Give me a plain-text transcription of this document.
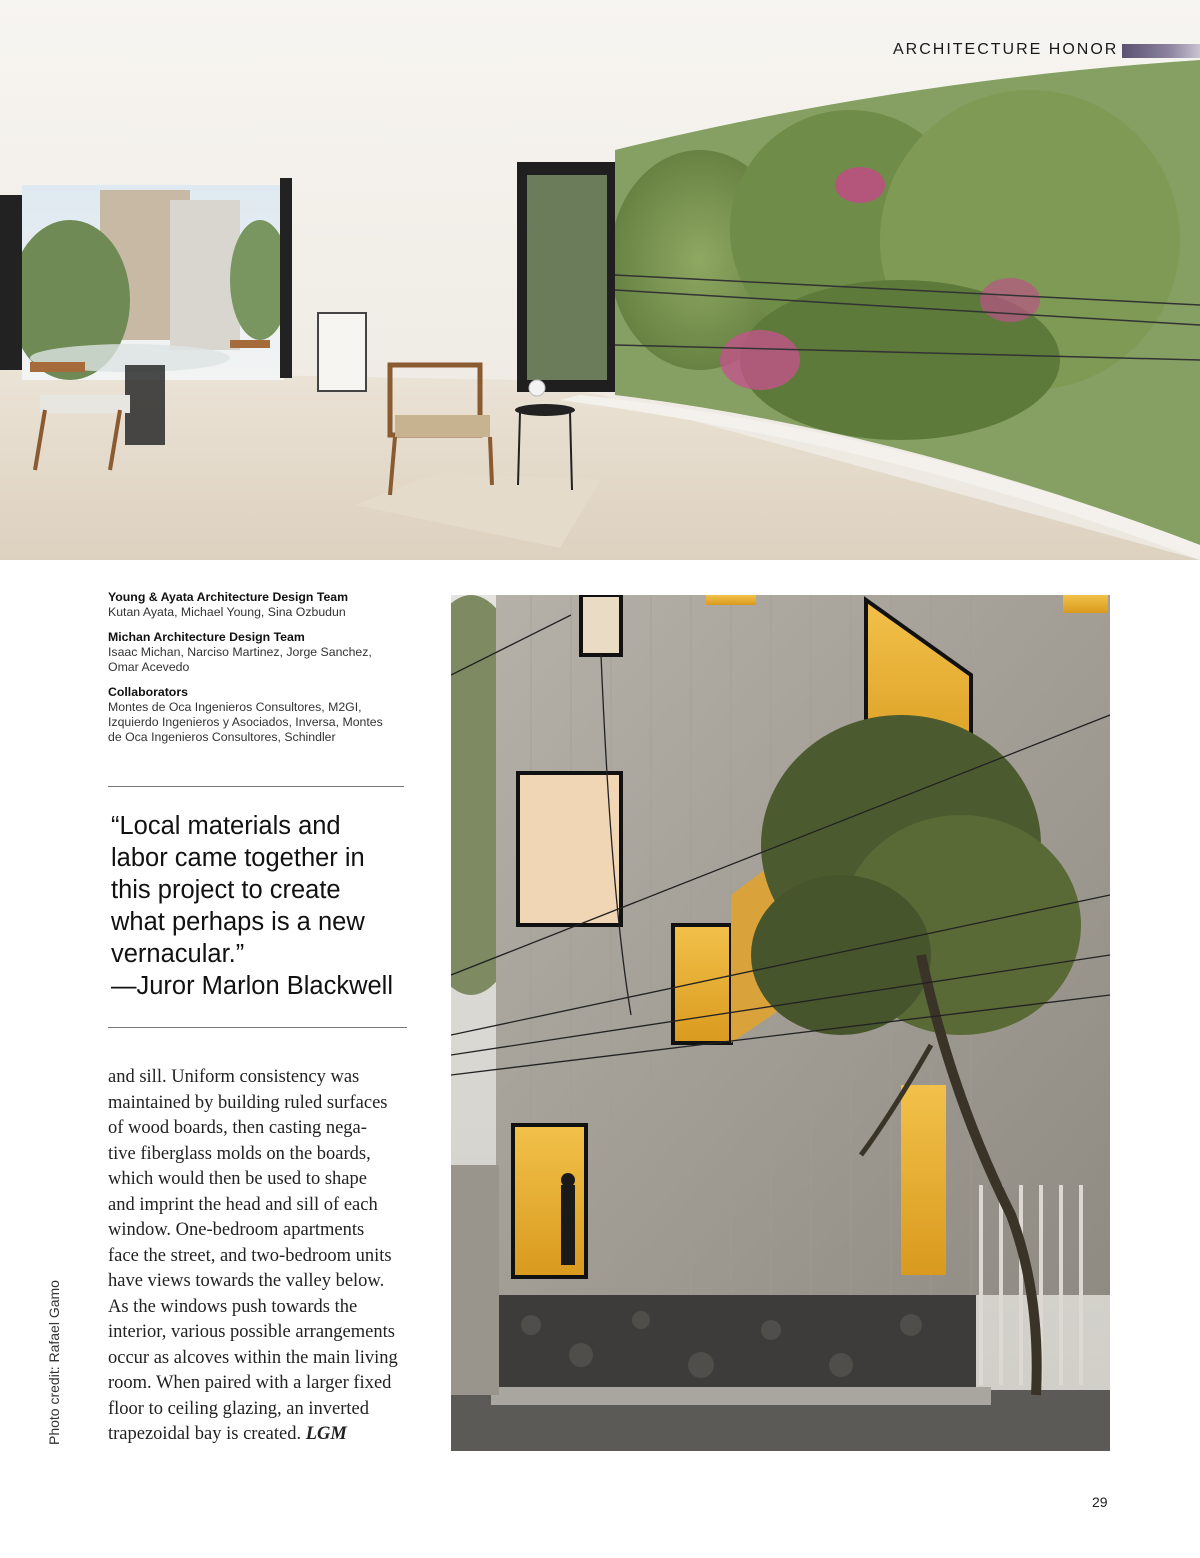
ARCHITECTURE HONOR
Young & Ayata Architecture Design Team
Kutan Ayata, Michael Young, Sina Ozbudun
Michan Architecture Design Team
Isaac Michan, Narciso Martinez, Jorge Sanchez,
Omar Acevedo
Collaborators
Montes de Oca Ingenieros Consultores, M2GI,
Izquierdo Ingenieros y Asociados, Inversa, Montes
de Oca Ingenieros Consultores, Schindler
“Local materials and
labor came together in
this project to create
what perhaps is a new
vernacular.”
—Juror Marlon Blackwell
and sill. Uniform consistency was
maintained by building ruled surfaces
of wood boards, then casting nega-
tive fiberglass molds on the boards,
which would then be used to shape
and imprint the head and sill of each
window. One-bedroom apartments
face the street, and two-bedroom units
have views towards the valley below.
As the windows push towards the
interior, various possible arrangements
occur as alcoves within the main living
room. When paired with a larger fixed
floor to ceiling glazing, an inverted
trapezoidal bay is created. LGM
Photo credit: Rafael Gamo
29
